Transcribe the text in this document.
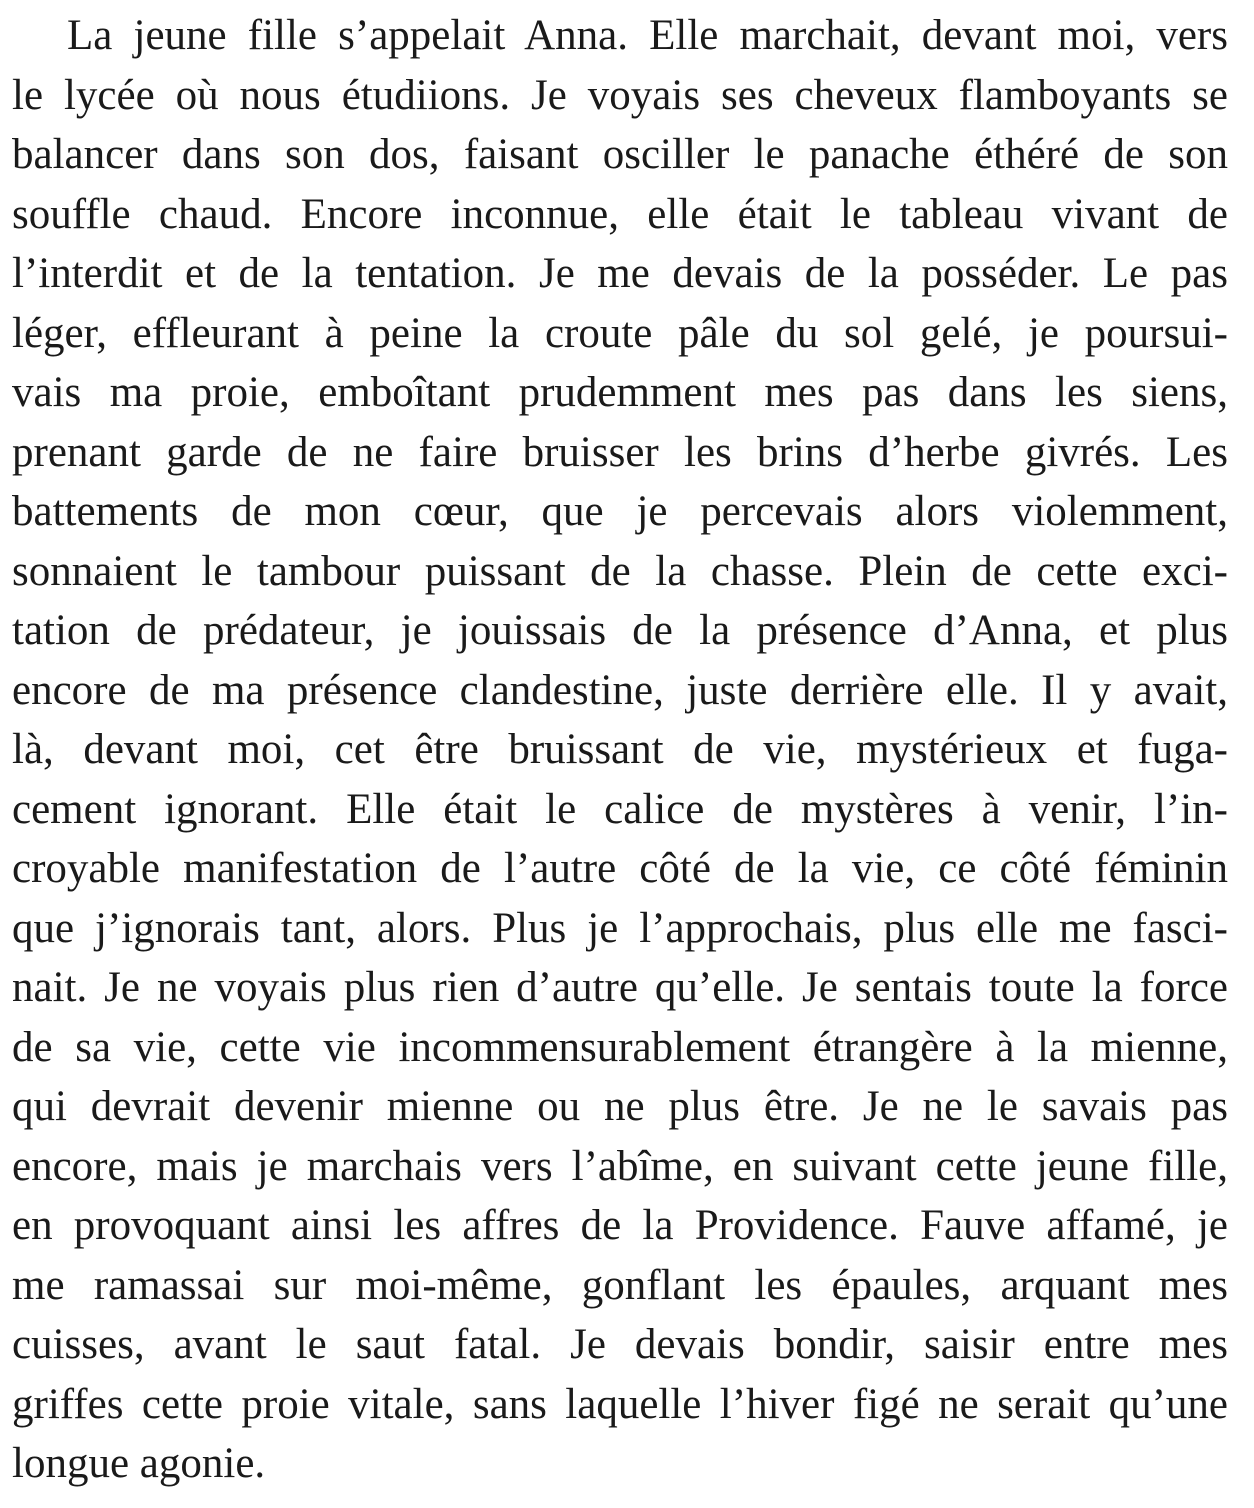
La jeune fille s’appelait Anna. Elle marchait, devant moi, vers
le lycée où nous étudiions. Je voyais ses cheveux flamboyants se
balancer dans son dos, faisant osciller le panache éthéré de son
souffle chaud. Encore inconnue, elle était le tableau vivant de
l’interdit et de la tentation. Je me devais de la posséder. Le pas
léger, effleurant à peine la croute pâle du sol gelé, je poursui-
vais ma proie, emboîtant prudemment mes pas dans les siens,
prenant garde de ne faire bruisser les brins d’herbe givrés. Les
battements de mon cœur, que je percevais alors violemment,
sonnaient le tambour puissant de la chasse. Plein de cette exci-
tation de prédateur, je jouissais de la présence d’Anna, et plus
encore de ma présence clandestine, juste derrière elle. Il y avait,
là, devant moi, cet être bruissant de vie, mystérieux et fuga-
cement ignorant. Elle était le calice de mystères à venir, l’in-
croyable manifestation de l’autre côté de la vie, ce côté féminin
que j’ignorais tant, alors. Plus je l’approchais, plus elle me fasci-
nait. Je ne voyais plus rien d’autre qu’elle. Je sentais toute la force
de sa vie, cette vie incommensurablement étrangère à la mienne,
qui devrait devenir mienne ou ne plus être. Je ne le savais pas
encore, mais je marchais vers l’abîme, en suivant cette jeune fille,
en provoquant ainsi les affres de la Providence. Fauve affamé, je
me ramassai sur moi-même, gonflant les épaules, arquant mes
cuisses, avant le saut fatal. Je devais bondir, saisir entre mes
griffes cette proie vitale, sans laquelle l’hiver figé ne serait qu’une
longue agonie.
